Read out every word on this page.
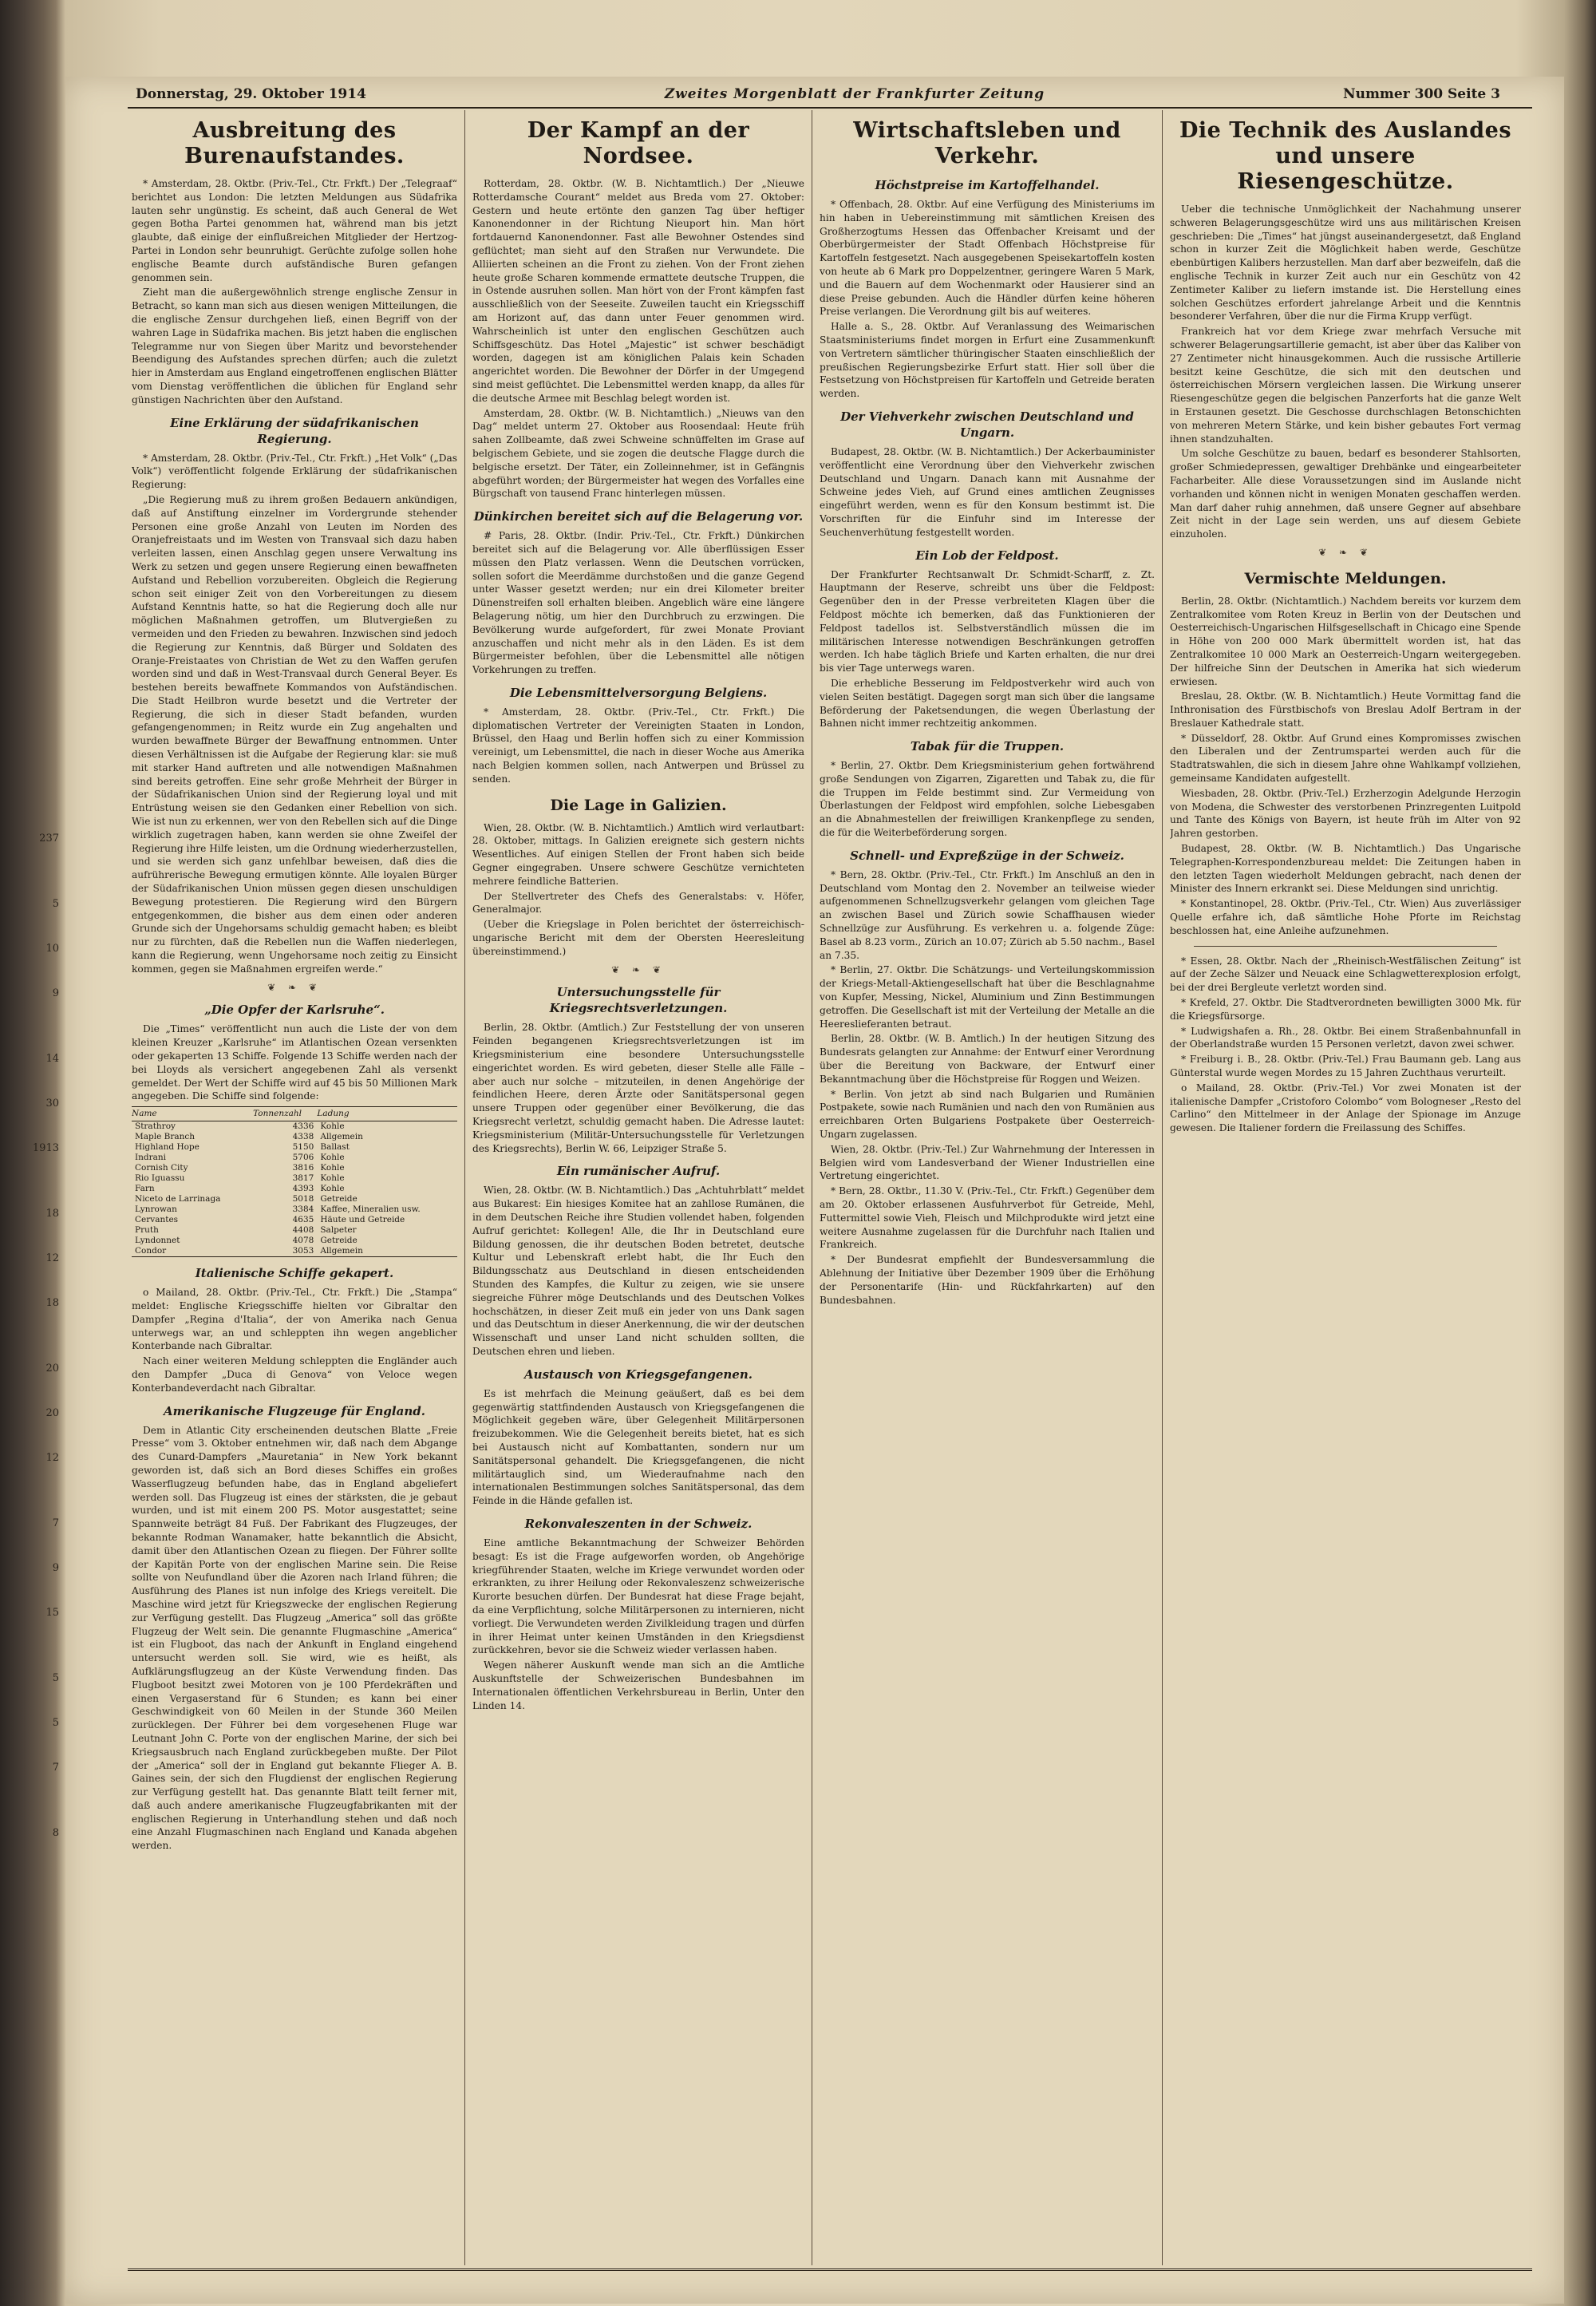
237
5
10
9
14
30
1913
18
12
18
20
20
12
7
9
15
5
5
7
8
Donnerstag, 29. Oktober 1914	Zweites Morgenblatt der Frankfurter Zeitung	Nummer 300 Seite 3
Ausbreitung des Burenaufstandes.

* Amsterdam, 28. Oktbr. (Priv.-Tel., Ctr. Frkft.) Der „Telegraaf“ berichtet aus London: Die letzten Meldungen aus Südafrika lauten sehr ungünstig. Es scheint, daß auch General de Wet gegen Botha Partei genommen hat, während man bis jetzt glaubte, daß einige der einflußreichen Mitglieder der Hertzog-Partei in London sehr beunruhigt. Gerüchte zufolge sollen hohe englische Beamte durch aufständische Buren gefangen genommen sein.

Zieht man die außergewöhnlich strenge englische Zensur in Betracht, so kann man sich aus diesen wenigen Mitteilungen, die die englische Zensur durchgehen ließ, einen Begriff von der wahren Lage in Südafrika machen. Bis jetzt haben die englischen Telegramme nur von Siegen über Maritz und bevorstehender Beendigung des Aufstandes sprechen dürfen; auch die zuletzt hier in Amsterdam aus England eingetroffenen englischen Blätter vom Dienstag veröffentlichen die üblichen für England sehr günstigen Nachrichten über den Aufstand.

Eine Erklärung der südafrikanischen Regierung.

* Amsterdam, 28. Oktbr. (Priv.-Tel., Ctr. Frkft.) „Het Volk“ („Das Volk“) veröffentlicht folgende Erklärung der südafrikanischen Regierung:

„Die Regierung muß zu ihrem großen Bedauern ankündigen, daß auf Anstiftung einzelner im Vordergrunde stehender Personen eine große Anzahl von Leuten im Norden des Oranjefreistaats und im Westen von Transvaal sich dazu haben verleiten lassen, einen Anschlag gegen unsere Verwaltung ins Werk zu setzen und gegen unsere Regierung einen bewaffneten Aufstand und Rebellion vorzubereiten. Obgleich die Regierung schon seit einiger Zeit von den Vorbereitungen zu diesem Aufstand Kenntnis hatte, so hat die Regierung doch alle nur möglichen Maßnahmen getroffen, um Blutvergießen zu vermeiden und den Frieden zu bewahren. Inzwischen sind jedoch die Regierung zur Kenntnis, daß Bürger und Soldaten des Oranje-Freistaates von Christian de Wet zu den Waffen gerufen worden sind und daß in West-Transvaal durch General Beyer. Es bestehen bereits bewaffnete Kommandos von Aufständischen. Die Stadt Heilbron wurde besetzt und die Vertreter der Regierung, die sich in dieser Stadt befanden, wurden gefangengenommen; in Reitz wurde ein Zug angehalten und wurden bewaffnete Bürger der Bewaffnung entnommen. Unter diesen Verhältnissen ist die Aufgabe der Regierung klar: sie muß mit starker Hand auftreten und alle notwendigen Maßnahmen sind bereits getroffen. Eine sehr große Mehrheit der Bürger in der Südafrikanischen Union sind der Regierung loyal und mit Entrüstung weisen sie den Gedanken einer Rebellion von sich. Wie ist nun zu erkennen, wer von den Rebellen sich auf die Dinge wirklich zugetragen haben, kann werden sie ohne Zweifel der Regierung ihre Hilfe leisten, um die Ordnung wiederherzustellen, und sie werden sich ganz unfehlbar beweisen, daß dies die aufrührerische Bewegung ermutigen könnte. Alle loyalen Bürger der Südafrikanischen Union müssen gegen diesen unschuldigen Bewegung protestieren. Die Regierung wird den Bürgern entgegenkommen, die bisher aus dem einen oder anderen Grunde sich der Ungehorsams schuldig gemacht haben; es bleibt nur zu fürchten, daß die Rebellen nun die Waffen niederlegen, kann die Regierung, wenn Ungehorsame noch zeitig zu Einsicht kommen, gegen sie Maßnahmen ergreifen werde.“

❦ ❧ ❦
„Die Opfer der Karlsruhe“.

Die „Times“ veröffentlicht nun auch die Liste der von dem kleinen Kreuzer „Karlsruhe“ im Atlantischen Ozean versenkten oder gekaperten 13 Schiffe. Folgende 13 Schiffe werden nach der bei Lloyds als versichert angegebenen Zahl als versenkt gemeldet. Der Wert der Schiffe wird auf 45 bis 50 Millionen Mark angegeben. Die Schiffe sind folgende:

Name	Tonnenzahl	Ladung
Strathroy	4336	Kohle
Maple Branch	4338	Allgemein
Highland Hope	5150	Ballast
Indrani	5706	Kohle
Cornish City	3816	Kohle
Rio Iguassu	3817	Kohle
Farn	4393	Kohle
Niceto de Larrinaga	5018	Getreide
Lynrowan	3384	Kaffee, Mineralien usw.
Cervantes	4635	Häute und Getreide
Pruth	4408	Salpeter
Lyndonnet	4078	Getreide
Condor	3053	Allgemein
Italienische Schiffe gekapert.

o Mailand, 28. Oktbr. (Priv.-Tel., Ctr. Frkft.) Die „Stampa“ meldet: Englische Kriegsschiffe hielten vor Gibraltar den Dampfer „Regina d'Italia“, der von Amerika nach Genua unterwegs war, an und schleppten ihn wegen angeblicher Konterbande nach Gibraltar.

Nach einer weiteren Meldung schleppten die Engländer auch den Dampfer „Duca di Genova“ von Veloce wegen Konterbandeverdacht nach Gibraltar.

Amerikanische Flugzeuge für England.

Dem in Atlantic City erscheinenden deutschen Blatte „Freie Presse“ vom 3. Oktober entnehmen wir, daß nach dem Abgange des Cunard-Dampfers „Mauretania“ in New York bekannt geworden ist, daß sich an Bord dieses Schiffes ein großes Wasserflugzeug befunden habe, das in England abgeliefert werden soll. Das Flugzeug ist eines der stärksten, die je gebaut wurden, und ist mit einem 200 PS. Motor ausgestattet; seine Spannweite beträgt 84 Fuß. Der Fabrikant des Flugzeuges, der bekannte Rodman Wanamaker, hatte bekanntlich die Absicht, damit über den Atlantischen Ozean zu fliegen. Der Führer sollte der Kapitän Porte von der englischen Marine sein. Die Reise sollte von Neufundland über die Azoren nach Irland führen; die Ausführung des Planes ist nun infolge des Kriegs vereitelt. Die Maschine wird jetzt für Kriegszwecke der englischen Regierung zur Verfügung gestellt. Das Flugzeug „America“ soll das größte Flugzeug der Welt sein. Die genannte Flugmaschine „America“ ist ein Flugboot, das nach der Ankunft in England eingehend untersucht werden soll. Sie wird, wie es heißt, als Aufklärungsflugzeug an der Küste Verwendung finden. Das Flugboot besitzt zwei Motoren von je 100 Pferdekräften und einen Vergaserstand für 6 Stunden; es kann bei einer Geschwindigkeit von 60 Meilen in der Stunde 360 Meilen zurücklegen. Der Führer bei dem vorgesehenen Fluge war Leutnant John C. Porte von der englischen Marine, der sich bei Kriegsausbruch nach England zurückbegeben mußte. Der Pilot der „America“ soll der in England gut bekannte Flieger A. B. Gaines sein, der sich den Flugdienst der englischen Regierung zur Verfügung gestellt hat. Das genannte Blatt teilt ferner mit, daß auch andere amerikanische Flugzeugfabrikanten mit der englischen Regierung in Unterhandlung stehen und daß noch eine Anzahl Flugmaschinen nach England und Kanada abgehen werden.

Der Kampf an der Nordsee.

Rotterdam, 28. Oktbr. (W. B. Nichtamtlich.) Der „Nieuwe Rotterdamsche Courant“ meldet aus Breda vom 27. Oktober: Gestern und heute ertönte den ganzen Tag über heftiger Kanonendonner in der Richtung Nieuport hin. Man hört fortdauernd Kanonendonner. Fast alle Bewohner Ostendes sind geflüchtet; man sieht auf den Straßen nur Verwundete. Die Alliierten scheinen an die Front zu ziehen. Von der Front ziehen heute große Scharen kommende ermattete deutsche Truppen, die in Ostende ausruhen sollen. Man hört von der Front kämpfen fast ausschließlich von der Seeseite. Zuweilen taucht ein Kriegsschiff am Horizont auf, das dann unter Feuer genommen wird. Wahrscheinlich ist unter den englischen Geschützen auch Schiffsgeschütz. Das Hotel „Majestic“ ist schwer beschädigt worden, dagegen ist am königlichen Palais kein Schaden angerichtet worden. Die Bewohner der Dörfer in der Umgegend sind meist geflüchtet. Die Lebensmittel werden knapp, da alles für die deutsche Armee mit Beschlag belegt worden ist.

Amsterdam, 28. Oktbr. (W. B. Nichtamtlich.) „Nieuws van den Dag“ meldet unterm 27. Oktober aus Roosendaal: Heute früh sahen Zollbeamte, daß zwei Schweine schnüffelten im Grase auf belgischem Gebiete, und sie zogen die deutsche Flagge durch die belgische ersetzt. Der Täter, ein Zolleinnehmer, ist in Gefängnis abgeführt worden; der Bürgermeister hat wegen des Vorfalles eine Bürgschaft von tausend Franc hinterlegen müssen.

Dünkirchen bereitet sich auf die Belagerung vor.

# Paris, 28. Oktbr. (Indir. Priv.-Tel., Ctr. Frkft.) Dünkirchen bereitet sich auf die Belagerung vor. Alle überflüssigen Esser müssen den Platz verlassen. Wenn die Deutschen vorrücken, sollen sofort die Meerdämme durchstoßen und die ganze Gegend unter Wasser gesetzt werden; nur ein drei Kilometer breiter Dünenstreifen soll erhalten bleiben. Angeblich wäre eine längere Belagerung nötig, um hier den Durchbruch zu erzwingen. Die Bevölkerung wurde aufgefordert, für zwei Monate Proviant anzuschaffen und nicht mehr als in den Läden. Es ist dem Bürgermeister befohlen, über die Lebensmittel alle nötigen Vorkehrungen zu treffen.

Die Lebensmittelversorgung Belgiens.

* Amsterdam, 28. Oktbr. (Priv.-Tel., Ctr. Frkft.) Die diplomatischen Vertreter der Vereinigten Staaten in London, Brüssel, den Haag und Berlin hoffen sich zu einer Kommission vereinigt, um Lebensmittel, die nach in dieser Woche aus Amerika nach Belgien kommen sollen, nach Antwerpen und Brüssel zu senden.

Die Lage in Galizien.

Wien, 28. Oktbr. (W. B. Nichtamtlich.) Amtlich wird verlautbart: 28. Oktober, mittags. In Galizien ereignete sich gestern nichts Wesentliches. Auf einigen Stellen der Front haben sich beide Gegner eingegraben. Unsere schwere Geschütze vernichteten mehrere feindliche Batterien.

Der Stellvertreter des Chefs des Generalstabs: v. Höfer, Generalmajor.

(Ueber die Kriegslage in Polen berichtet der österreichisch-ungarische Bericht mit dem der Obersten Heeresleitung übereinstimmend.)

❦ ❧ ❦
Untersuchungsstelle für Kriegsrechtsverletzungen.

Berlin, 28. Oktbr. (Amtlich.) Zur Feststellung der von unseren Feinden begangenen Kriegsrechtsverletzungen ist im Kriegsministerium eine besondere Untersuchungsstelle eingerichtet worden. Es wird gebeten, dieser Stelle alle Fälle – aber auch nur solche – mitzuteilen, in denen Angehörige der feindlichen Heere, deren Ärzte oder Sanitätspersonal gegen unsere Truppen oder gegenüber einer Bevölkerung, die das Kriegsrecht verletzt, schuldig gemacht haben. Die Adresse lautet: Kriegsministerium (Militär-Untersuchungsstelle für Verletzungen des Kriegsrechts), Berlin W. 66, Leipziger Straße 5.

Ein rumänischer Aufruf.

Wien, 28. Oktbr. (W. B. Nichtamtlich.) Das „Achtuhrblatt“ meldet aus Bukarest: Ein hiesiges Komitee hat an zahllose Rumänen, die in dem Deutschen Reiche ihre Studien vollendet haben, folgenden Aufruf gerichtet: Kollegen! Alle, die Ihr in Deutschland eure Bildung genossen, die ihr deutschen Boden betretet, deutsche Kultur und Lebenskraft erlebt habt, die Ihr Euch den Bildungsschatz aus Deutschland in diesen entscheidenden Stunden des Kampfes, die Kultur zu zeigen, wie sie unsere siegreiche Führer möge Deutschlands und des Deutschen Volkes hochschätzen, in dieser Zeit muß ein jeder von uns Dank sagen und das Deutschtum in dieser Anerkennung, die wir der deutschen Wissenschaft und unser Land nicht schulden sollten, die Deutschen ehren und lieben.

Austausch von Kriegsgefangenen.

Es ist mehrfach die Meinung geäußert, daß es bei dem gegenwärtig stattfindenden Austausch von Kriegsgefangenen die Möglichkeit gegeben wäre, über Gelegenheit Militärpersonen freizubekommen. Wie die Gelegenheit bereits bietet, hat es sich bei Austausch nicht auf Kombattanten, sondern nur um Sanitätspersonal gehandelt. Die Kriegsgefangenen, die nicht militärtauglich sind, um Wiederaufnahme nach den internationalen Bestimmungen solches Sanitätspersonal, das dem Feinde in die Hände gefallen ist.

Rekonvaleszenten in der Schweiz.

Eine amtliche Bekanntmachung der Schweizer Behörden besagt: Es ist die Frage aufgeworfen worden, ob Angehörige kriegführender Staaten, welche im Kriege verwundet worden oder erkrankten, zu ihrer Heilung oder Rekonvaleszenz schweizerische Kurorte besuchen dürfen. Der Bundesrat hat diese Frage bejaht, da eine Verpflichtung, solche Militärpersonen zu internieren, nicht vorliegt. Die Verwundeten werden Zivilkleidung tragen und dürfen in ihrer Heimat unter keinen Umständen in den Kriegsdienst zurückkehren, bevor sie die Schweiz wieder verlassen haben.

Wegen näherer Auskunft wende man sich an die Amtliche Auskunftstelle der Schweizerischen Bundesbahnen im Internationalen öffentlichen Verkehrsbureau in Berlin, Unter den Linden 14.

Wirtschaftsleben und Verkehr.
Höchstpreise im Kartoffelhandel.

* Offenbach, 28. Oktbr. Auf eine Verfügung des Ministeriums im hin haben in Uebereinstimmung mit sämtlichen Kreisen des Großherzogtums Hessen das Offenbacher Kreisamt und der Oberbürgermeister der Stadt Offenbach Höchstpreise für Kartoffeln festgesetzt. Nach ausgegebenen Speisekartoffeln kosten von heute ab 6 Mark pro Doppelzentner, geringere Waren 5 Mark, und die Bauern auf dem Wochenmarkt oder Hausierer sind an diese Preise gebunden. Auch die Händler dürfen keine höheren Preise verlangen. Die Verordnung gilt bis auf weiteres.

Halle a. S., 28. Oktbr. Auf Veranlassung des Weimarischen Staatsministeriums findet morgen in Erfurt eine Zusammenkunft von Vertretern sämtlicher thüringischer Staaten einschließlich der preußischen Regierungsbezirke Erfurt statt. Hier soll über die Festsetzung von Höchstpreisen für Kartoffeln und Getreide beraten werden.

Der Viehverkehr zwischen Deutschland und Ungarn.

Budapest, 28. Oktbr. (W. B. Nichtamtlich.) Der Ackerbauminister veröffentlicht eine Verordnung über den Viehverkehr zwischen Deutschland und Ungarn. Danach kann mit Ausnahme der Schweine jedes Vieh, auf Grund eines amtlichen Zeugnisses eingeführt werden, wenn es für den Konsum bestimmt ist. Die Vorschriften für die Einfuhr sind im Interesse der Seuchenverhütung festgestellt worden.

Ein Lob der Feldpost.

Der Frankfurter Rechtsanwalt Dr. Schmidt-Scharff, z. Zt. Hauptmann der Reserve, schreibt uns über die Feldpost: Gegenüber den in der Presse verbreiteten Klagen über die Feldpost möchte ich bemerken, daß das Funktionieren der Feldpost tadellos ist. Selbstverständlich müssen die im militärischen Interesse notwendigen Beschränkungen getroffen werden. Ich habe täglich Briefe und Karten erhalten, die nur drei bis vier Tage unterwegs waren.

Die erhebliche Besserung im Feldpostverkehr wird auch von vielen Seiten bestätigt. Dagegen sorgt man sich über die langsame Beförderung der Paketsendungen, die wegen Überlastung der Bahnen nicht immer rechtzeitig ankommen.

Tabak für die Truppen.

* Berlin, 27. Oktbr. Dem Kriegsministerium gehen fortwährend große Sendungen von Zigarren, Zigaretten und Tabak zu, die für die Truppen im Felde bestimmt sind. Zur Vermeidung von Überlastungen der Feldpost wird empfohlen, solche Liebesgaben an die Abnahmestellen der freiwilligen Krankenpflege zu senden, die für die Weiterbeförderung sorgen.

Schnell- und Expreßzüge in der Schweiz.

* Bern, 28. Oktbr. (Priv.-Tel., Ctr. Frkft.) Im Anschluß an den in Deutschland vom Montag den 2. November an teilweise wieder aufgenommenen Schnellzugsverkehr gelangen vom gleichen Tage an zwischen Basel und Zürich sowie Schaffhausen wieder Schnellzüge zur Ausführung. Es verkehren u. a. folgende Züge: Basel ab 8.23 vorm., Zürich an 10.07; Zürich ab 5.50 nachm., Basel an 7.35.

* Berlin, 27. Oktbr. Die Schätzungs- und Verteilungskommission der Kriegs-Metall-Aktiengesellschaft hat über die Beschlagnahme von Kupfer, Messing, Nickel, Aluminium und Zinn Bestimmungen getroffen. Die Gesellschaft ist mit der Verteilung der Metalle an die Heereslieferanten betraut.

Berlin, 28. Oktbr. (W. B. Amtlich.) In der heutigen Sitzung des Bundesrats gelangten zur Annahme: der Entwurf einer Verordnung über die Bereitung von Backware, der Entwurf einer Bekanntmachung über die Höchstpreise für Roggen und Weizen.

* Berlin. Von jetzt ab sind nach Bulgarien und Rumänien Postpakete, sowie nach Rumänien und nach den von Rumänien aus erreichbaren Orten Bulgariens Postpakete über Oesterreich-Ungarn zugelassen.

Wien, 28. Oktbr. (Priv.-Tel.) Zur Wahrnehmung der Interessen in Belgien wird vom Landesverband der Wiener Industriellen eine Vertretung eingerichtet.

* Bern, 28. Oktbr., 11.30 V. (Priv.-Tel., Ctr. Frkft.) Gegenüber dem am 20. Oktober erlassenen Ausfuhrverbot für Getreide, Mehl, Futtermittel sowie Vieh, Fleisch und Milchprodukte wird jetzt eine weitere Ausnahme zugelassen für die Durchfuhr nach Italien und Frankreich.

* Der Bundesrat empfiehlt der Bundesversammlung die Ablehnung der Initiative über Dezember 1909 über die Erhöhung der Personentarife (Hin- und Rückfahrkarten) auf den Bundesbahnen.

Die Technik des Auslandes und unsere Riesengeschütze.

Ueber die technische Unmöglichkeit der Nachahmung unserer schweren Belagerungsgeschütze wird uns aus militärischen Kreisen geschrieben: Die „Times“ hat jüngst auseinandergesetzt, daß England schon in kurzer Zeit die Möglichkeit haben werde, Geschütze ebenbürtigen Kalibers herzustellen. Man darf aber bezweifeln, daß die englische Technik in kurzer Zeit auch nur ein Geschütz von 42 Zentimeter Kaliber zu liefern imstande ist. Die Herstellung eines solchen Geschützes erfordert jahrelange Arbeit und die Kenntnis besonderer Verfahren, über die nur die Firma Krupp verfügt.

Frankreich hat vor dem Kriege zwar mehrfach Versuche mit schwerer Belagerungsartillerie gemacht, ist aber über das Kaliber von 27 Zentimeter nicht hinausgekommen. Auch die russische Artillerie besitzt keine Geschütze, die sich mit den deutschen und österreichischen Mörsern vergleichen lassen. Die Wirkung unserer Riesengeschütze gegen die belgischen Panzerforts hat die ganze Welt in Erstaunen gesetzt. Die Geschosse durchschlagen Betonschichten von mehreren Metern Stärke, und kein bisher gebautes Fort vermag ihnen standzuhalten.

Um solche Geschütze zu bauen, bedarf es besonderer Stahlsorten, großer Schmiedepressen, gewaltiger Drehbänke und eingearbeiteter Facharbeiter. Alle diese Voraussetzungen sind im Auslande nicht vorhanden und können nicht in wenigen Monaten geschaffen werden. Man darf daher ruhig annehmen, daß unsere Gegner auf absehbare Zeit nicht in der Lage sein werden, uns auf diesem Gebiete einzuholen.

❦ ❧ ❦
Vermischte Meldungen.

Berlin, 28. Oktbr. (Nichtamtlich.) Nachdem bereits vor kurzem dem Zentralkomitee vom Roten Kreuz in Berlin von der Deutschen und Oesterreichisch-Ungarischen Hilfsgesellschaft in Chicago eine Spende in Höhe von 200 000 Mark übermittelt worden ist, hat das Zentralkomitee 10 000 Mark an Oesterreich-Ungarn weitergegeben. Der hilfreiche Sinn der Deutschen in Amerika hat sich wiederum erwiesen.

Breslau, 28. Oktbr. (W. B. Nichtamtlich.) Heute Vormittag fand die Inthronisation des Fürstbischofs von Breslau Adolf Bertram in der Breslauer Kathedrale statt.

* Düsseldorf, 28. Oktbr. Auf Grund eines Kompromisses zwischen den Liberalen und der Zentrumspartei werden auch für die Stadtratswahlen, die sich in diesem Jahre ohne Wahlkampf vollziehen, gemeinsame Kandidaten aufgestellt.

Wiesbaden, 28. Oktbr. (Priv.-Tel.) Erzherzogin Adelgunde Herzogin von Modena, die Schwester des verstorbenen Prinzregenten Luitpold und Tante des Königs von Bayern, ist heute früh im Alter von 92 Jahren gestorben.

Budapest, 28. Oktbr. (W. B. Nichtamtlich.) Das Ungarische Telegraphen-Korrespondenzbureau meldet: Die Zeitungen haben in den letzten Tagen wiederholt Meldungen gebracht, nach denen der Minister des Innern erkrankt sei. Diese Meldungen sind unrichtig.

* Konstantinopel, 28. Oktbr. (Priv.-Tel., Ctr. Wien) Aus zuverlässiger Quelle erfahre ich, daß sämtliche Hohe Pforte im Reichstag beschlossen hat, eine Anleihe aufzunehmen.

* Essen, 28. Oktbr. Nach der „Rheinisch-Westfälischen Zeitung“ ist auf der Zeche Sälzer und Neuack eine Schlagwetterexplosion erfolgt, bei der drei Bergleute verletzt worden sind.

* Krefeld, 27. Oktbr. Die Stadtverordneten bewilligten 3000 Mk. für die Kriegsfürsorge.

* Ludwigshafen a. Rh., 28. Oktbr. Bei einem Straßenbahnunfall in der Oberlandstraße wurden 15 Personen verletzt, davon zwei schwer.

* Freiburg i. B., 28. Oktbr. (Priv.-Tel.) Frau Baumann geb. Lang aus Günterstal wurde wegen Mordes zu 15 Jahren Zuchthaus verurteilt.

o Mailand, 28. Oktbr. (Priv.-Tel.) Vor zwei Monaten ist der italienische Dampfer „Cristoforo Colombo“ vom Bologneser „Resto del Carlino“ den Mittelmeer in der Anlage der Spionage im Anzuge gewesen. Die Italiener fordern die Freilassung des Schiffes.
